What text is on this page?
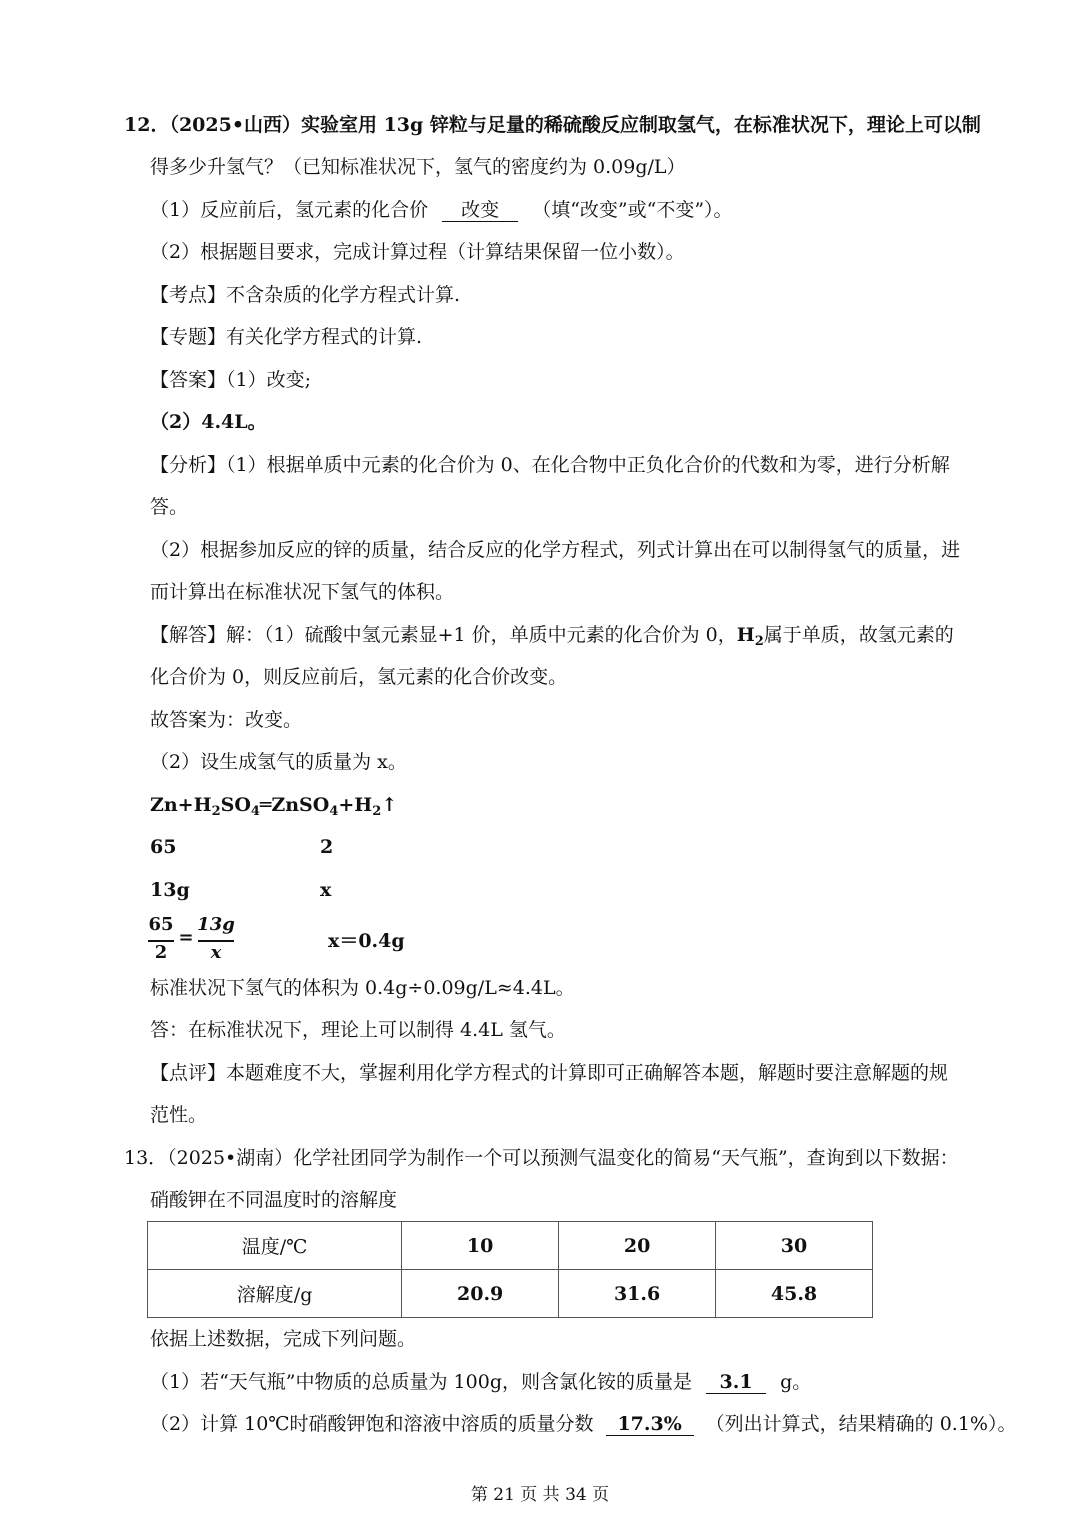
12．（2025•山西）实验室用 13g 锌粒与足量的稀硫酸反应制取氢气，在标准状况下，理论上可以制
得多少升氢气？（已知标准状况下，氢气的密度约为 0.09g/L）
（1）反应前后，氢元素的化合价 改变 （填“改变”或“不变”）。
（2）根据题目要求，完成计算过程（计算结果保留一位小数）。
【考点】不含杂质的化学方程式计算.
【专题】有关化学方程式的计算.
【答案】（1）改变;
（2）4.4L。
【分析】（1）根据单质中元素的化合价为 0、在化合物中正负化合价的代数和为零，进行分析解
答。
（2）根据参加反应的锌的质量，结合反应的化学方程式，列式计算出在可以制得氢气的质量，进
而计算出在标准状况下氢气的体积。
【解答】解：（1）硫酸中氢元素显+1 价，单质中元素的化合价为 0，$H_2$属于单质，故氢元素的
化合价为 0，则反应前后，氢元素的化合价改变。
故答案为：改变。
（2）设生成氢气的质量为 x。
$Zn+H_2SO_4═ZnSO_4+H_2↑$
65	2
13g	x
65
2
=
13g
x
x＝0.4g
标准状况下氢气的体积为 0.4g÷0.09g/L≈4.4L。
答：在标准状况下，理论上可以制得 4.4L 氢气。
【点评】本题难度不大，掌握利用化学方程式的计算即可正确解答本题，解题时要注意解题的规
范性。
13．（2025•湖南）化学社团同学为制作一个可以预测气温变化的简易“天气瓶”，查询到以下数据：
硝酸钾在不同温度时的溶解度
温度/℃	10	20	30
溶解度/g	20.9	31.6	45.8
依据上述数据，完成下列问题。
（1）若“天气瓶”中物质的总质量为 100g，则含氯化铵的质量是 3.1 g。
（2）计算 10℃时硝酸钾饱和溶液中溶质的质量分数 17.3% （列出计算式，结果精确的 0.1%）。
第 21 页 共 34 页
